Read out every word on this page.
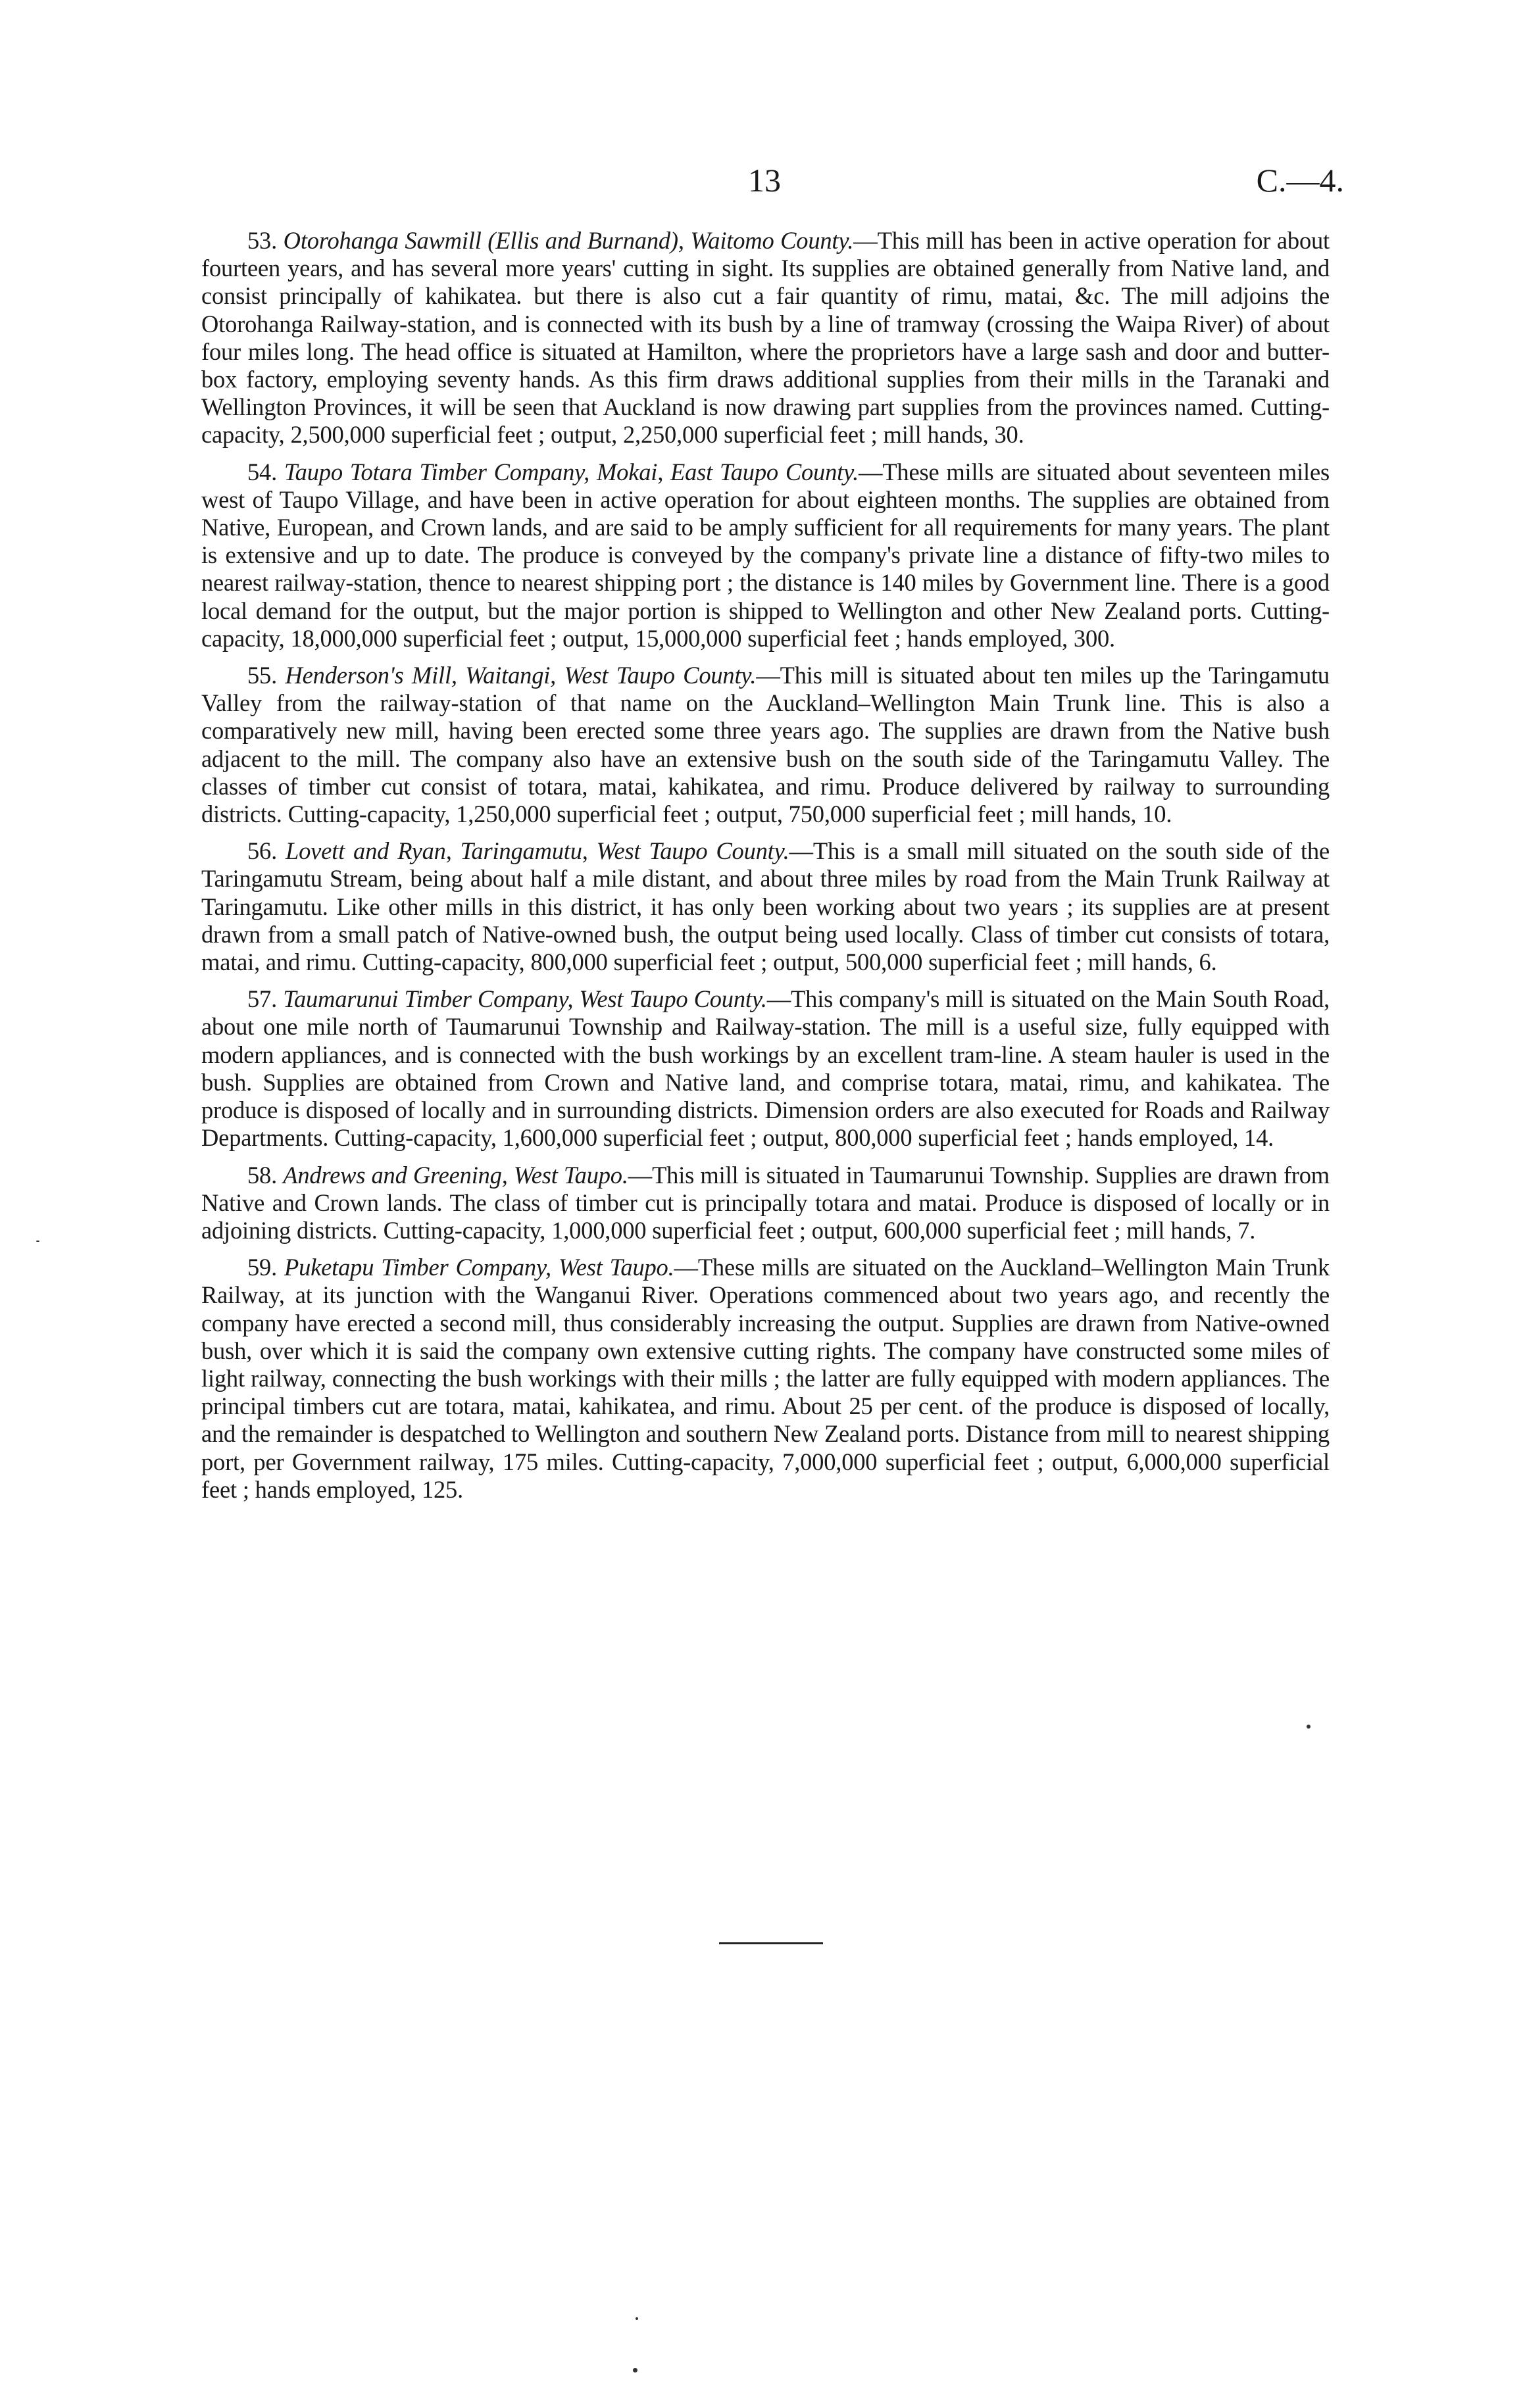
13	C.—4.

53. Otorohanga Sawmill (Ellis and Burnand), Waitomo County.—This mill has been in active operation for about fourteen years, and has several more years' cutting in sight. Its supplies are obtained generally from Native land, and consist principally of kahikatea. but there is also cut a fair quantity of rimu, matai, &c. The mill adjoins the Otorohanga Railway-station, and is connected with its bush by a line of tramway (crossing the Waipa River) of about four miles long. The head office is situated at Hamilton, where the proprietors have a large sash and door and butter-box factory, employing seventy hands. As this firm draws additional supplies from their mills in the Taranaki and Wellington Provinces, it will be seen that Auckland is now drawing part supplies from the provinces named. Cutting-capacity, 2,500,000 superficial feet ; output, 2,250,000 superficial feet ; mill hands, 30.

54. Taupo Totara Timber Company, Mokai, East Taupo County.—These mills are situated about seventeen miles west of Taupo Village, and have been in active operation for about eighteen months. The supplies are obtained from Native, European, and Crown lands, and are said to be amply sufficient for all requirements for many years. The plant is extensive and up to date. The produce is conveyed by the company's private line a distance of fifty-two miles to nearest railway-station, thence to nearest shipping port ; the distance is 140 miles by Government line. There is a good local demand for the output, but the major portion is shipped to Wellington and other New Zealand ports. Cutting-capacity, 18,000,000 superficial feet ; output, 15,000,000 superficial feet ; hands employed, 300.

55. Henderson's Mill, Waitangi, West Taupo County.—This mill is situated about ten miles up the Taringamutu Valley from the railway-station of that name on the Auckland–Wellington Main Trunk line. This is also a comparatively new mill, having been erected some three years ago. The supplies are drawn from the Native bush adjacent to the mill. The company also have an extensive bush on the south side of the Taringamutu Valley. The classes of timber cut consist of totara, matai, kahikatea, and rimu. Produce delivered by railway to surrounding districts. Cutting-capacity, 1,250,000 superficial feet ; output, 750,000 superficial feet ; mill hands, 10.

56. Lovett and Ryan, Taringamutu, West Taupo County.—This is a small mill situated on the south side of the Taringamutu Stream, being about half a mile distant, and about three miles by road from the Main Trunk Railway at Taringamutu. Like other mills in this district, it has only been working about two years ; its supplies are at present drawn from a small patch of Native-owned bush, the output being used locally. Class of timber cut consists of totara, matai, and rimu. Cutting-capacity, 800,000 superficial feet ; output, 500,000 superficial feet ; mill hands, 6.

57. Taumarunui Timber Company, West Taupo County.—This company's mill is situated on the Main South Road, about one mile north of Taumarunui Township and Railway-station. The mill is a useful size, fully equipped with modern appliances, and is connected with the bush workings by an excellent tram-line. A steam hauler is used in the bush. Supplies are obtained from Crown and Native land, and comprise totara, matai, rimu, and kahikatea. The produce is disposed of locally and in surrounding districts. Dimension orders are also executed for Roads and Railway Departments. Cutting-capacity, 1,600,000 superficial feet ; output, 800,000 superficial feet ; hands employed, 14.

58. Andrews and Greening, West Taupo.—This mill is situated in Taumarunui Township. Supplies are drawn from Native and Crown lands. The class of timber cut is principally totara and matai. Produce is disposed of locally or in adjoining districts. Cutting-capacity, 1,000,000 superficial feet ; output, 600,000 superficial feet ; mill hands, 7.

59. Puketapu Timber Company, West Taupo.—These mills are situated on the Auckland–Wellington Main Trunk Railway, at its junction with the Wanganui River. Operations commenced about two years ago, and recently the company have erected a second mill, thus considerably increasing the output. Supplies are drawn from Native-owned bush, over which it is said the company own extensive cutting rights. The company have constructed some miles of light railway, connecting the bush workings with their mills ; the latter are fully equipped with modern appliances. The principal timbers cut are totara, matai, kahikatea, and rimu. About 25 per cent. of the produce is disposed of locally, and the remainder is despatched to Wellington and southern New Zealand ports. Distance from mill to nearest shipping port, per Government railway, 175 miles. Cutting-capacity, 7,000,000 superficial feet ; output, 6,000,000 superficial feet ; hands employed, 125.
